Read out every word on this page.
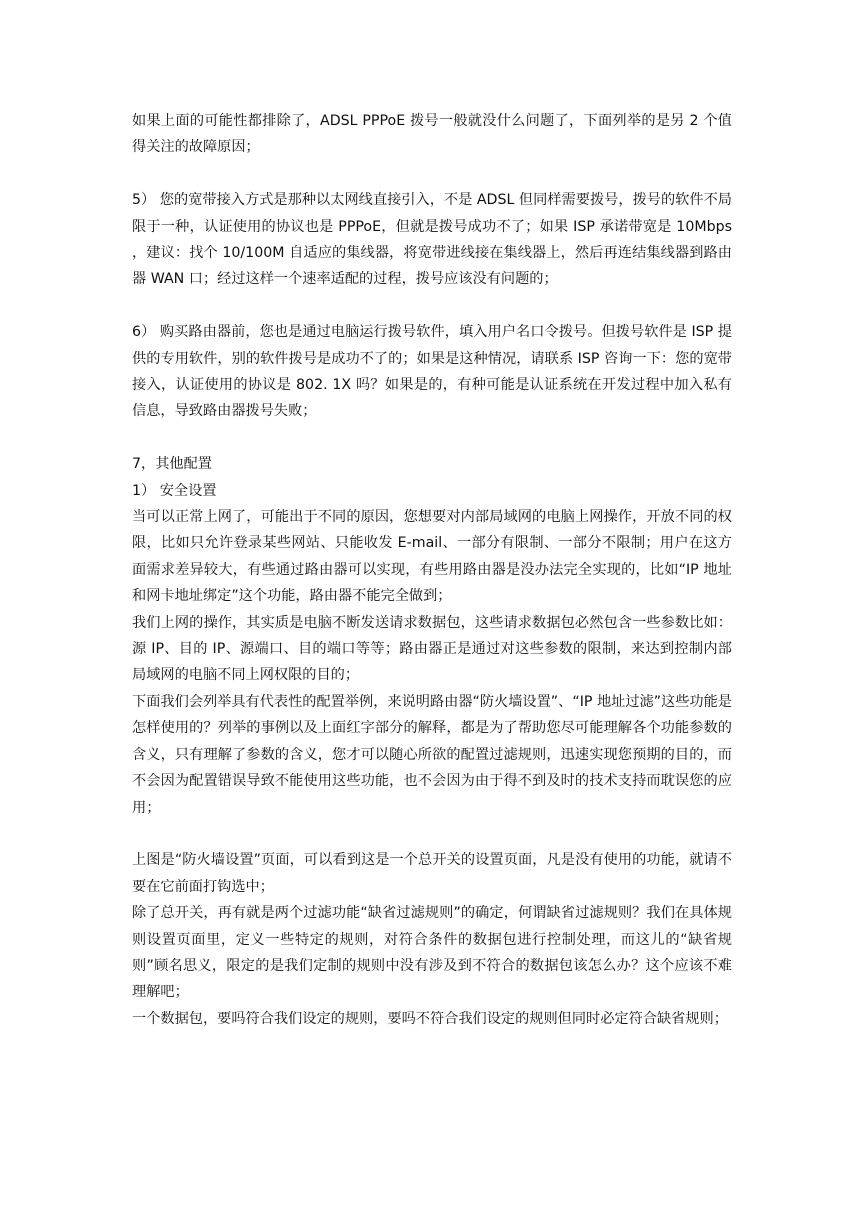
如果上面的可能性都排除了，ADSL PPPoE 拨号一般就没什么问题了，下面列举的是另 2 个值得关注的故障原因；

5） 您的宽带接入方式是那种以太网线直接引入，不是 ADSL 但同样需要拨号，拨号的软件不局限于一种，认证使用的协议也是 PPPoE，但就是拨号成功不了；如果 ISP 承诺带宽是 10Mbps ，建议：找个 10/100M 自适应的集线器，将宽带进线接在集线器上，然后再连结集线器到路由器 WAN 口；经过这样一个速率适配的过程，拨号应该没有问题的；

6） 购买路由器前，您也是通过电脑运行拨号软件，填入用户名口令拨号。但拨号软件是 ISP 提供的专用软件，别的软件拨号是成功不了的；如果是这种情况，请联系 ISP 咨询一下：您的宽带接入，认证使用的协议是 802. 1X 吗？如果是的，有种可能是认证系统在开发过程中加入私有信息，导致路由器拨号失败；

7，其他配置

1） 安全设置

当可以正常上网了，可能出于不同的原因，您想要对内部局域网的电脑上网操作，开放不同的权限，比如只允许登录某些网站、只能收发 E-mail、一部分有限制、一部分不限制；用户在这方面需求差异较大，有些通过路由器可以实现，有些用路由器是没办法完全实现的，比如“IP 地址和网卡地址绑定”这个功能，路由器不能完全做到；

我们上网的操作，其实质是电脑不断发送请求数据包，这些请求数据包必然包含一些参数比如：源 IP、目的 IP、源端口、目的端口等等；路由器正是通过对这些参数的限制，来达到控制内部局域网的电脑不同上网权限的目的；

下面我们会列举具有代表性的配置举例，来说明路由器“防火墙设置”、“IP 地址过滤”这些功能是怎样使用的？列举的事例以及上面红字部分的解释，都是为了帮助您尽可能理解各个功能参数的含义，只有理解了参数的含义，您才可以随心所欲的配置过滤规则，迅速实现您预期的目的，而不会因为配置错误导致不能使用这些功能，也不会因为由于得不到及时的技术支持而耽误您的应用；

上图是“防火墙设置”页面，可以看到这是一个总开关的设置页面，凡是没有使用的功能，就请不要在它前面打钩选中；

除了总开关，再有就是两个过滤功能“缺省过滤规则”的确定，何谓缺省过滤规则？我们在具体规则设置页面里，定义一些特定的规则，对符合条件的数据包进行控制处理，而这儿的“缺省规则”顾名思义，限定的是我们定制的规则中没有涉及到不符合的数据包该怎么办？这个应该不难理解吧；

一个数据包，要吗符合我们设定的规则，要吗不符合我们设定的规则但同时必定符合缺省规则；
